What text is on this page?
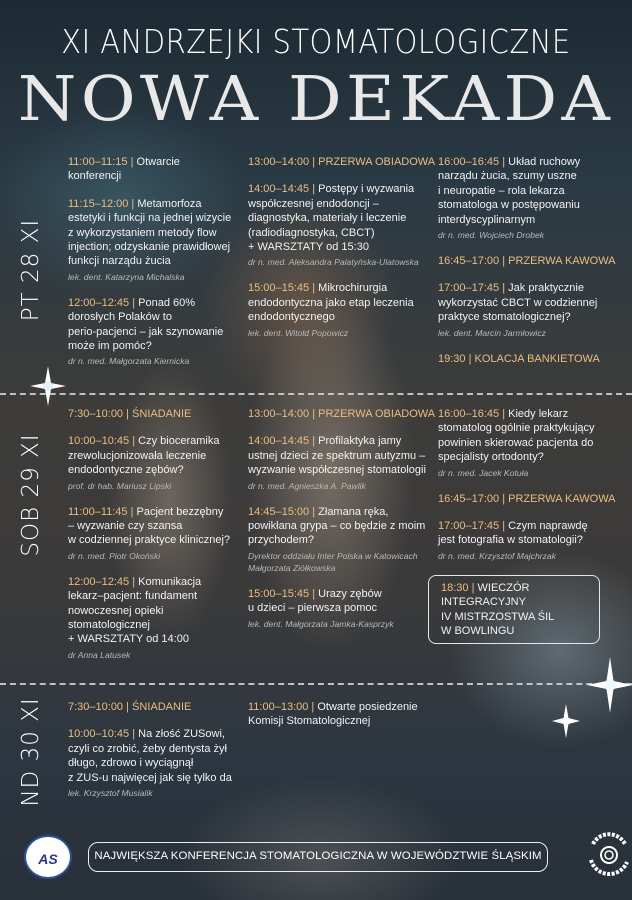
XI ANDRZEJKI STOMATOLOGICZNE
NOWA DEKADA
PT 28 XI
11:00–11:15 | Otwarcie
konferencji
11:15–12:00 | Metamorfoza
estetyki i funkcji na jednej wizycie
z wykorzystaniem metody flow
injection; odzyskanie prawidłowej
funkcji narządu żucia
lek. dent. Katarzyna Michalska
12:00–12:45 | Ponad 60%
dorosłych Polaków to
perio-pacjenci – jak szynowanie
może im pomóc?
dr n. med. Małgorzata Kiernicka
13:00–14:00 | PRZERWA OBIADOWA
14:00–14:45 | Postępy i wyzwania
współczesnej endodoncji –
diagnostyka, materiały i leczenie
(radiodiagnostyka, CBCT)
+ WARSZTATY od 15:30
dr n. med. Aleksandra Palatyńska-Ulatowska
15:00–15:45 | Mikrochirurgia
endodontyczna jako etap leczenia
endodontycznego
lek. dent. Witold Popowicz
16:00–16:45 | Układ ruchowy
narządu żucia, szumy uszne
i neuropatie – rola lekarza
stomatologa w postępowaniu
interdyscyplinarnym
dr n. med. Wojciech Drobek
16:45–17:00 | PRZERWA KAWOWA
17:00–17:45 | Jak praktycznie
wykorzystać CBCT w codziennej
praktyce stomatologicznej?
lek. dent. Marcin Jarmłowicz
19:30 | KOLACJA BANKIETOWA
SOB 29 XI
7:30–10:00 | ŚNIADANIE
10:00–10:45 | Czy bioceramika
zrewolucjonizowała leczenie
endodontyczne zębów?
prof. dr hab. Mariusz Lipski
11:00–11:45 | Pacjent bezzębny
– wyzwanie czy szansa
w codziennej praktyce klinicznej?
dr n. med. Piotr Okoński
12:00–12:45 | Komunikacja
lekarz–pacjent: fundament
nowoczesnej opieki
stomatologicznej
+ WARSZTATY od 14:00
dr Anna Latusek
13:00–14:00 | PRZERWA OBIADOWA
14:00–14:45 | Profilaktyka jamy
ustnej dzieci ze spektrum autyzmu –
wyzwanie współczesnej stomatologii
dr n. med. Agnieszka A. Pawlik
14:45–15:00 | Złamana ręka,
powikłana grypa – co będzie z moim
przychodem?
Dyrektor oddziału Inter Polska w Katowicach
Małgorzata Ziółkowska
15:00–15:45 | Urazy zębów
u dzieci – pierwsza pomoc
lek. dent. Małgorzata Jamka-Kasprzyk
16:00–16:45 | Kiedy lekarz
stomatolog ogólnie praktykujący
powinien skierować pacjenta do
specjalisty ortodonty?
dr n. med. Jacek Kotuła
16:45–17:00 | PRZERWA KAWOWA
17:00–17:45 | Czym naprawdę
jest fotografia w stomatologii?
dr n. med. Krzysztof Majchrzak
18:30 | WIECZÓR INTEGRACYJNY
IV MISTRZOSTWA ŚIL
W BOWLINGU
ND 30 XI 7:30–10:00 | ŚNIADANIE
10:00–10:45 | Na złość ZUSowi,
czyli co zrobić, żeby dentysta żył
długo, zdrowo i wyciągnął
z ZUS-u najwięcej jak się tylko da
lek. Krzysztof Musialik
11:00–13:00 | Otwarte posiedzenie
Komisji Stomatologicznej
AS	NAJWIĘKSZA KONFERENCJA STOMATOLOGICZNA W WOJEWÓDZTWIE ŚLĄSKIM
